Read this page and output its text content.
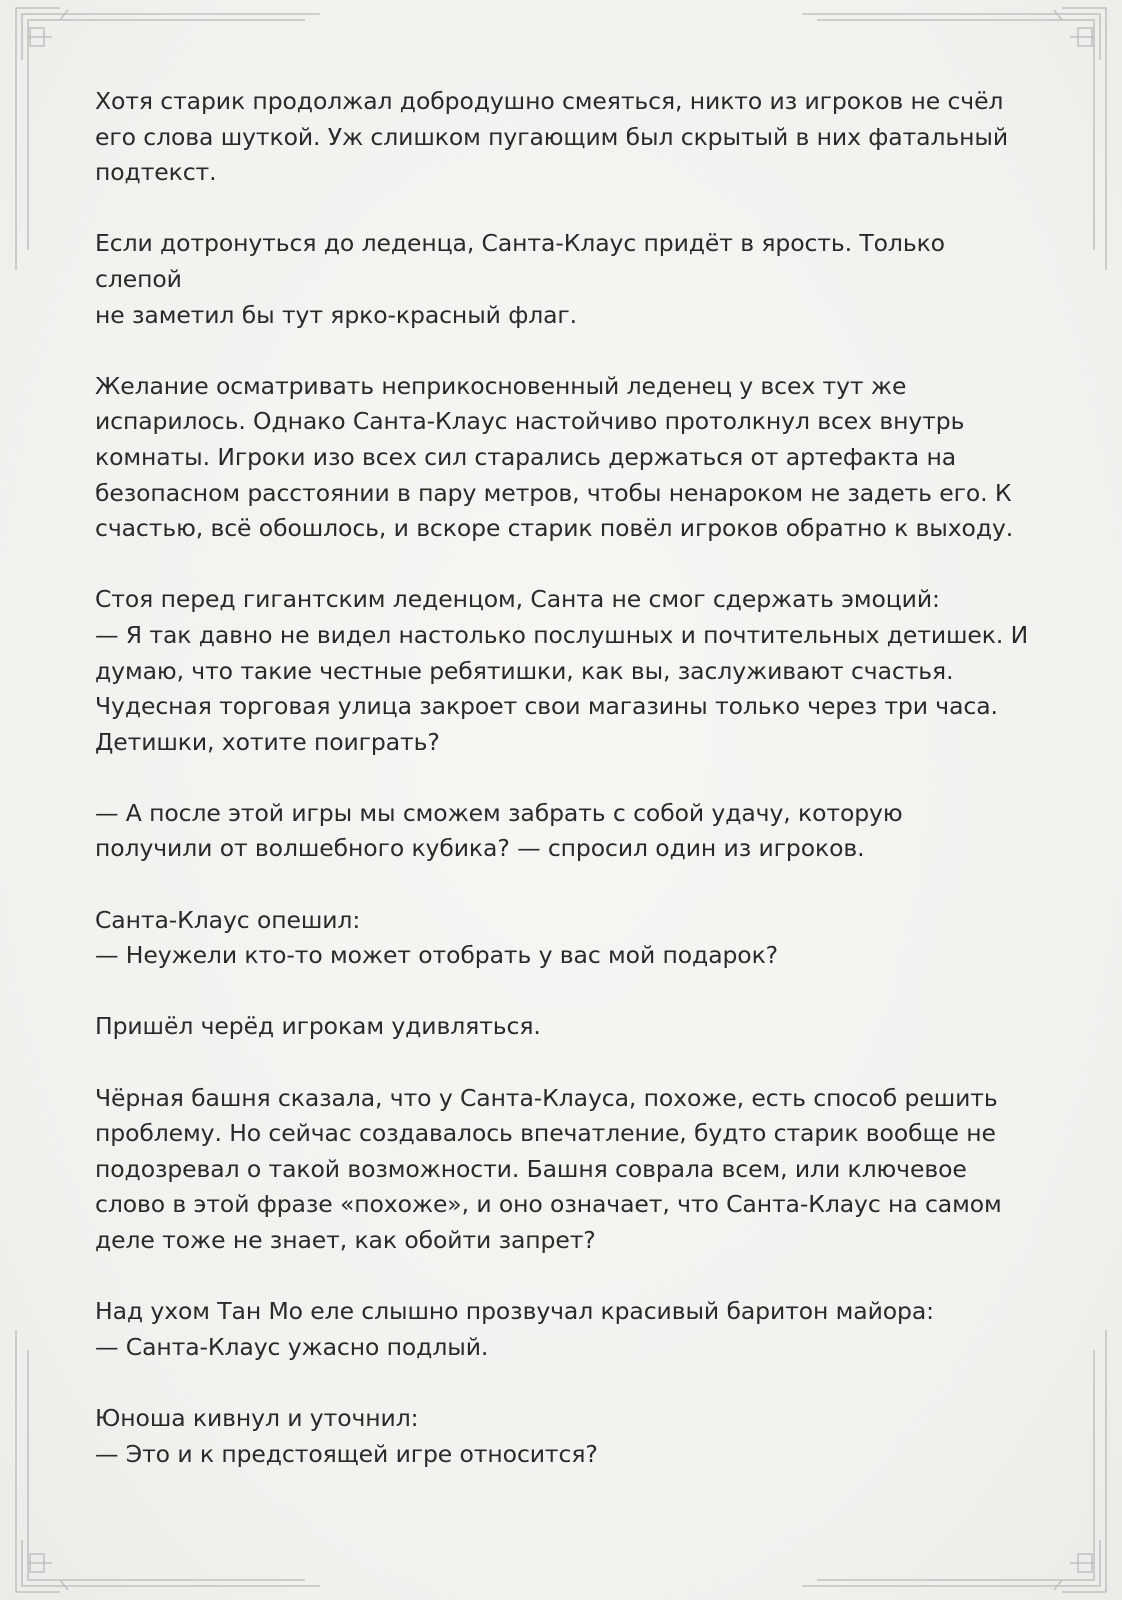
Хотя старик продолжал добродушно смеяться, никто из игроков не счёл
его слова шуткой. Уж слишком пугающим был скрытый в них фатальный
подтекст.

Если дотронуться до леденца, Санта-Клаус придёт в ярость. Только слепой
не заметил бы тут ярко-красный флаг.

Желание осматривать неприкосновенный леденец у всех тут же
испарилось. Однако Санта-Клаус настойчиво протолкнул всех внутрь
комнаты. Игроки изо всех сил старались держаться от артефакта на
безопасном расстоянии в пару метров, чтобы ненароком не задеть его. К
счастью, всё обошлось, и вскоре старик повёл игроков обратно к выходу.

Стоя перед гигантским леденцом, Санта не смог сдержать эмоций:
— Я так давно не видел настолько послушных и почтительных детишек. И
думаю, что такие честные ребятишки, как вы, заслуживают счастья.
Чудесная торговая улица закроет свои магазины только через три часа.
Детишки, хотите поиграть?

— А после этой игры мы сможем забрать с собой удачу, которую
получили от волшебного кубика? — спросил один из игроков.

Санта-Клаус опешил:
— Неужели кто-то может отобрать у вас мой подарок?

Пришёл черёд игрокам удивляться.

Чёрная башня сказала, что у Санта-Клауса, похоже, есть способ решить
проблему. Но сейчас создавалось впечатление, будто старик вообще не
подозревал о такой возможности. Башня соврала всем, или ключевое
слово в этой фразе «похоже», и оно означает, что Санта-Клаус на самом
деле тоже не знает, как обойти запрет?

Над ухом Тан Мо еле слышно прозвучал красивый баритон майора:
— Санта-Клаус ужасно подлый.

Юноша кивнул и уточнил:
— Это и к предстоящей игре относится?
